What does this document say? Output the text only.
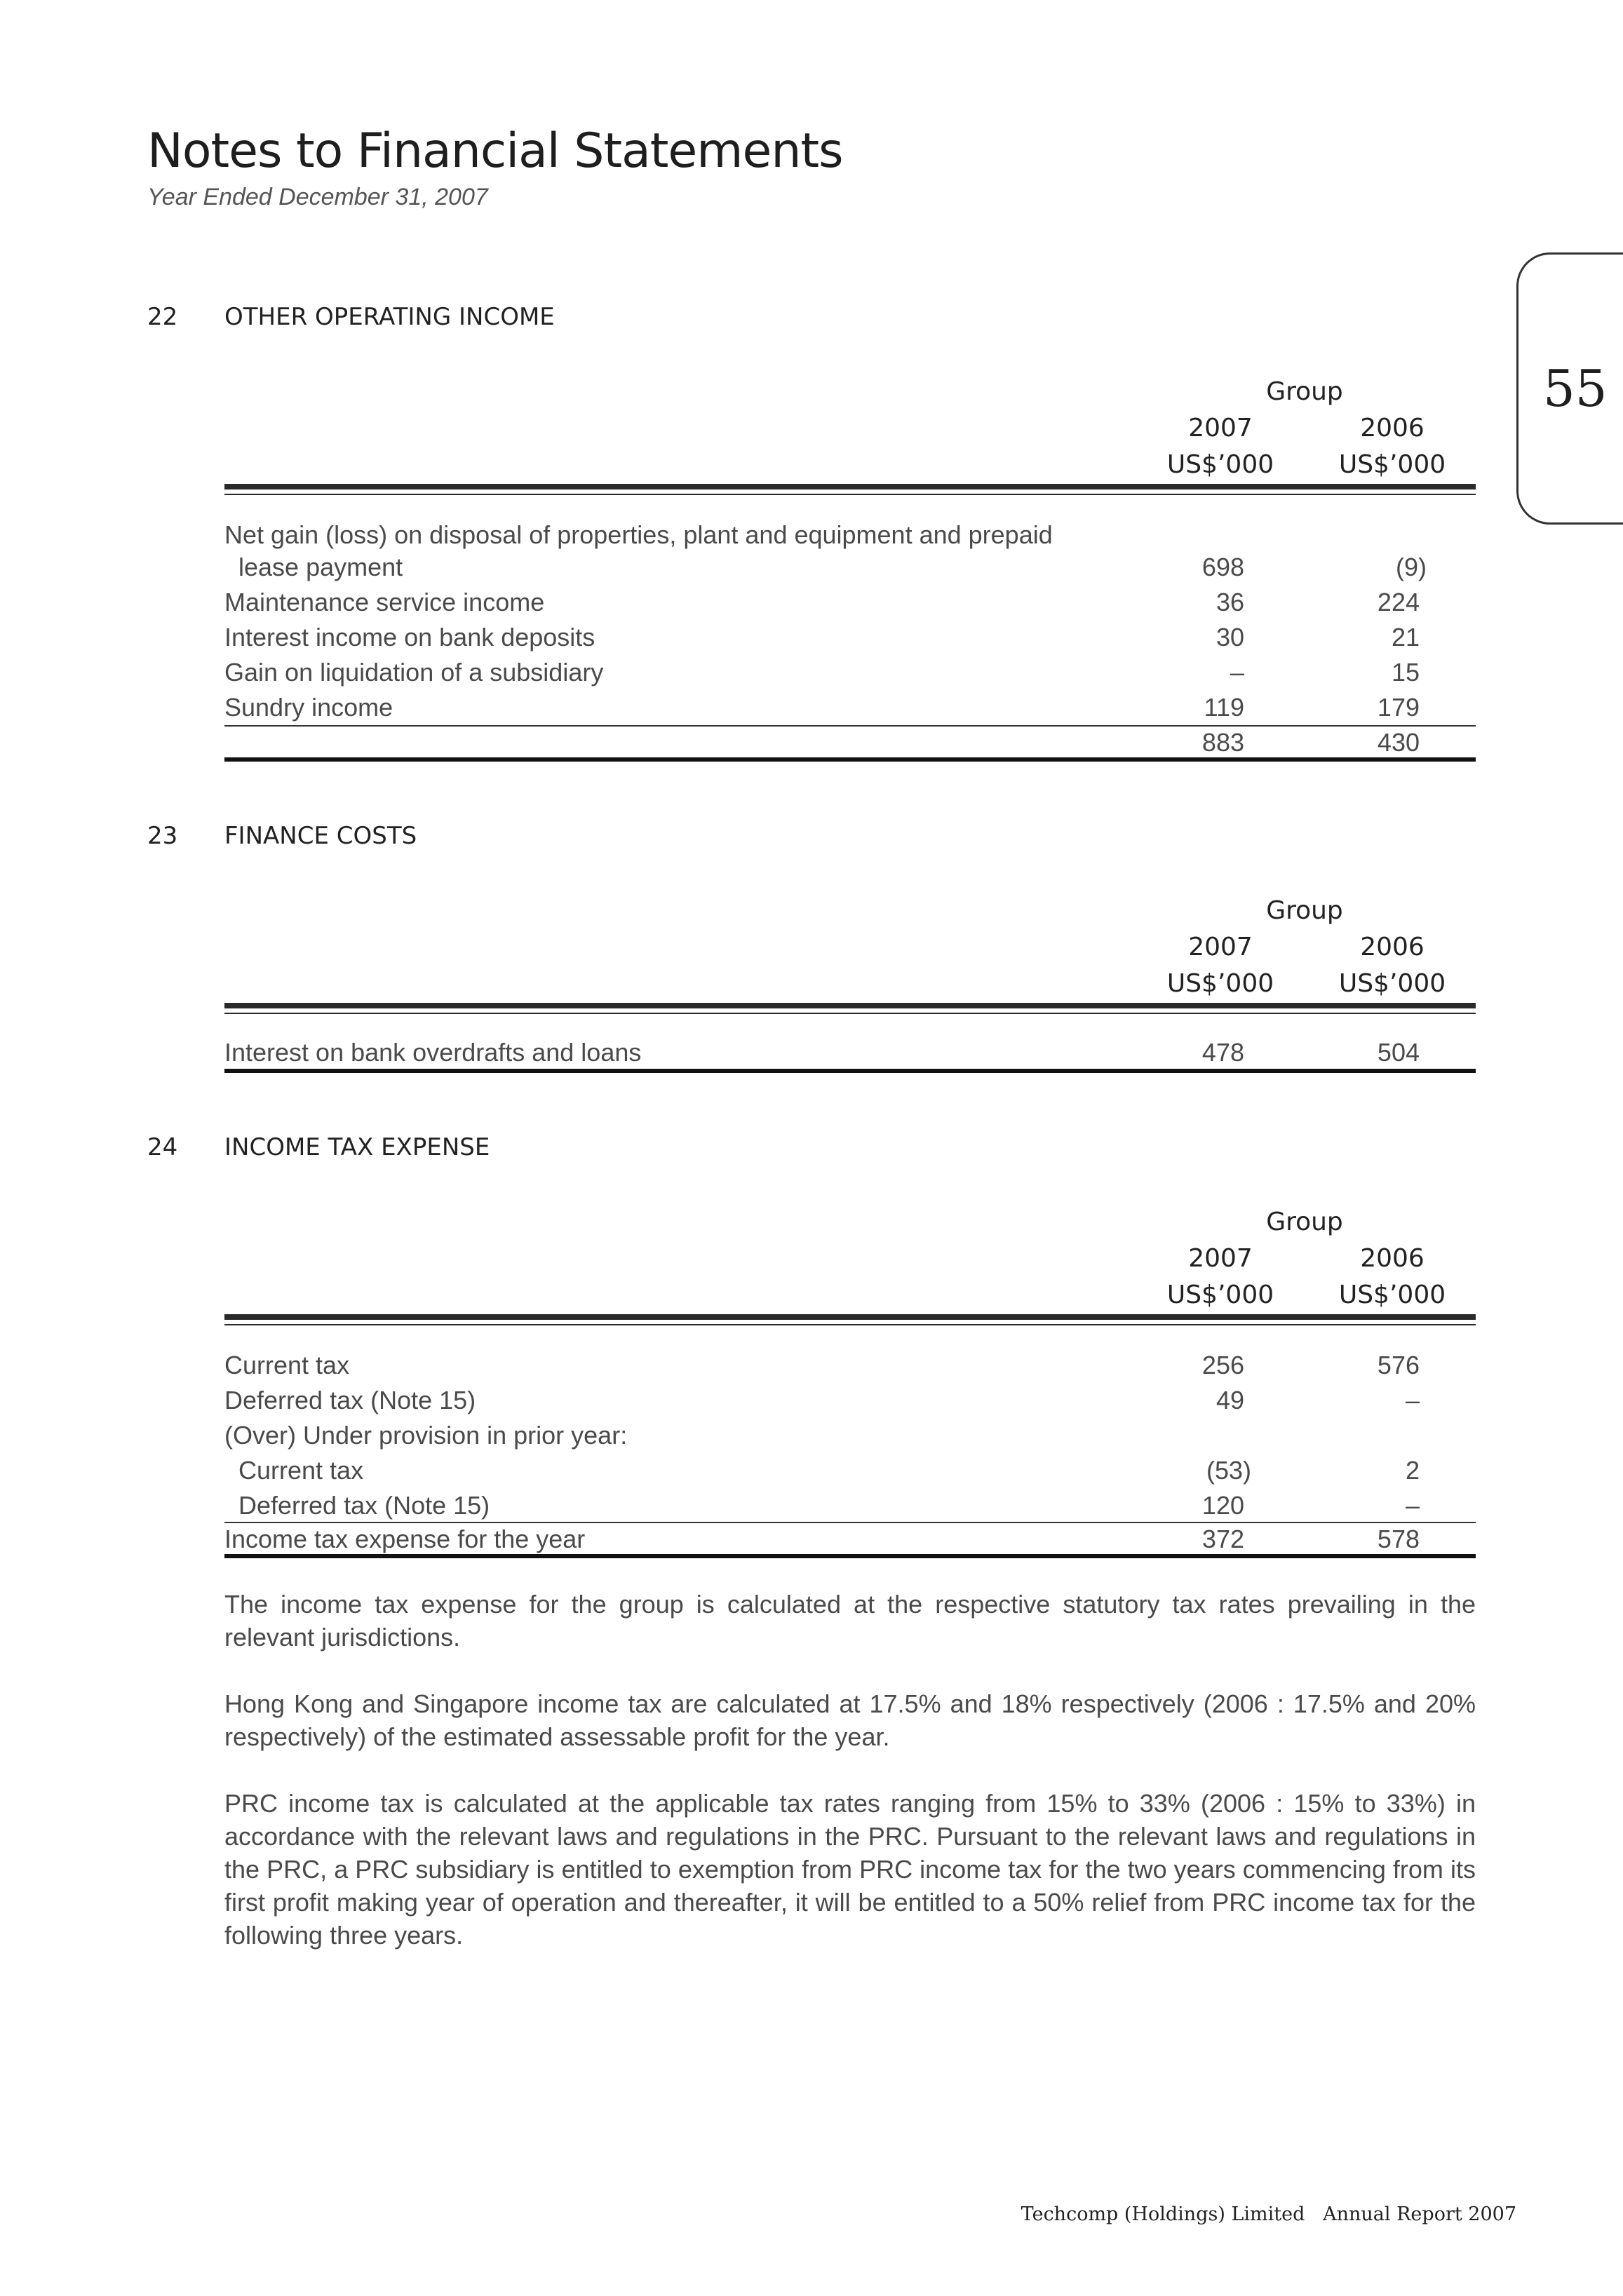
Notes to Financial Statements
Year Ended December 31, 2007
55
22 OTHER OPERATING INCOME
Group
2007	2006
US$’000	US$’000
Net gain (loss) on disposal of properties, plant and equipment and prepaid
lease payment	698	(9)
Maintenance service income	36	224
Interest income on bank deposits	30	21
Gain on liquidation of a subsidiary	–	15
Sundry income	119	179
883	430
23 FINANCE COSTS
Group
2007	2006
US$’000	US$’000
Interest on bank overdrafts and loans	478	504
24 INCOME TAX EXPENSE
Group
2007	2006
US$’000	US$’000
Current tax	256	576
Deferred tax (Note 15)	49	–
(Over) Under provision in prior year:
Current tax	(53)	2
Deferred tax (Note 15)	120	–
Income tax expense for the year	372	578
The income tax expense for the group is calculated at the respective statutory tax rates prevailing in the relevant jurisdictions.
Hong Kong and Singapore income tax are calculated at 17.5% and 18% respectively (2006 : 17.5% and 20% respectively) of the estimated assessable profit for the year.
PRC income tax is calculated at the applicable tax rates ranging from 15% to 33% (2006 : 15% to 33%) in accordance with the relevant laws and regulations in the PRC. Pursuant to the relevant laws and regulations in the PRC, a PRC subsidiary is entitled to exemption from PRC income tax for the two years commencing from its first profit making year of operation and thereafter, it will be entitled to a 50% relief from PRC income tax for the following three years.
Techcomp (Holdings) Limited   Annual Report 2007
